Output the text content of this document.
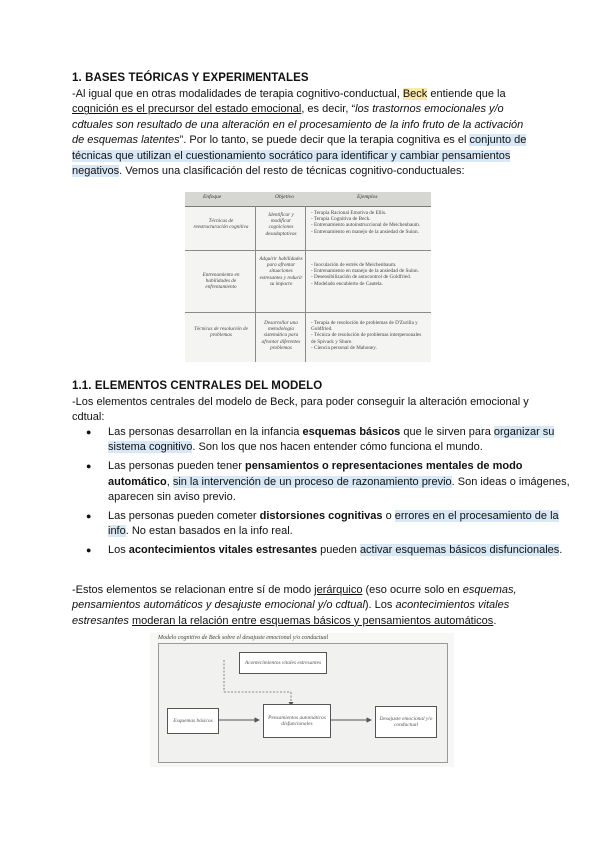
1. BASES TEÓRICAS Y EXPERIMENTALES
-Al igual que en otras modalidades de terapia cognitivo-conductual, Beck entiende que la cognición es el precursor del estado emocional, es decir, “los trastornos emocionales y/o cdtuales son resultado de una alteración en el procesamiento de la info fruto de la activación de esquemas latentes”. Por lo tanto, se puede decir que la terapia cognitiva es el conjunto de técnicas que utilizan el cuestionamiento socrático para identificar y cambiar pensamientos negativos. Vemos una clasificación del resto de técnicas cognitivo-conductuales:
Enfoque	Objetivo	Ejemplos
Técnicas de reestructuración cognitiva
Identificar y modificar cogniciones desadaptativas
- Terapia Racional Emotiva de Ellis.
- Terapia Cognitiva de Beck.
- Entrenamiento autoinstruccional de Meichenbaum.
- Entrenamiento en manejo de la ansiedad de Suinn.
Entrenamiento en habilidades de enfrentamiento
Adquirir habilidades para afrontar situaciones estresantes y reducir su impacto
- Inoculación de estrés de Meichenbaum.
- Entrenamiento en manejo de la ansiedad de Suinn.
- Desensibilización de autocontrol de Goldfried.
- Modelado encubierto de Cautela.
Técnicas de resolución de problemas
Desarrollar una metodología sistemática para afrontar diferentes problemas
- Terapia de resolución de problemas de D'Zurilla y Goldfried.
- Técnica de resolución de problemas interpersonales de Spivack y Shure.
- Ciencia personal de Mahoney.
1.1. ELEMENTOS CENTRALES DEL MODELO
-Los elementos centrales del modelo de Beck, para poder conseguir la alteración emocional y cdtual:
● Las personas desarrollan en la infancia esquemas básicos que le sirven para organizar su sistema cognitivo. Son los que nos hacen entender cómo funciona el mundo.
● Las personas pueden tener pensamientos o representaciones mentales de modo automático, sin la intervención de un proceso de razonamiento previo. Son ideas o imágenes, aparecen sin aviso previo.
● Las personas pueden cometer distorsiones cognitivas o errores en el procesamiento de la info. No estan basados en la info real.
● Los acontecimientos vitales estresantes pueden activar esquemas básicos disfuncionales.
-Estos elementos se relacionan entre sí de modo jerárquico (eso ocurre solo en esquemas, pensamientos automáticos y desajuste emocional y/o cdtual). Los acontecimientos vitales estresantes moderan la relación entre esquemas básicos y pensamientos automáticos.
Modelo cognitivo de Beck sobre el desajuste emocional y/o conductual
Acontecimientos vitales estresantes
Esquemas básicos
Pensamientos automáticos disfuncionales
Desajuste emocional y/o conductual
